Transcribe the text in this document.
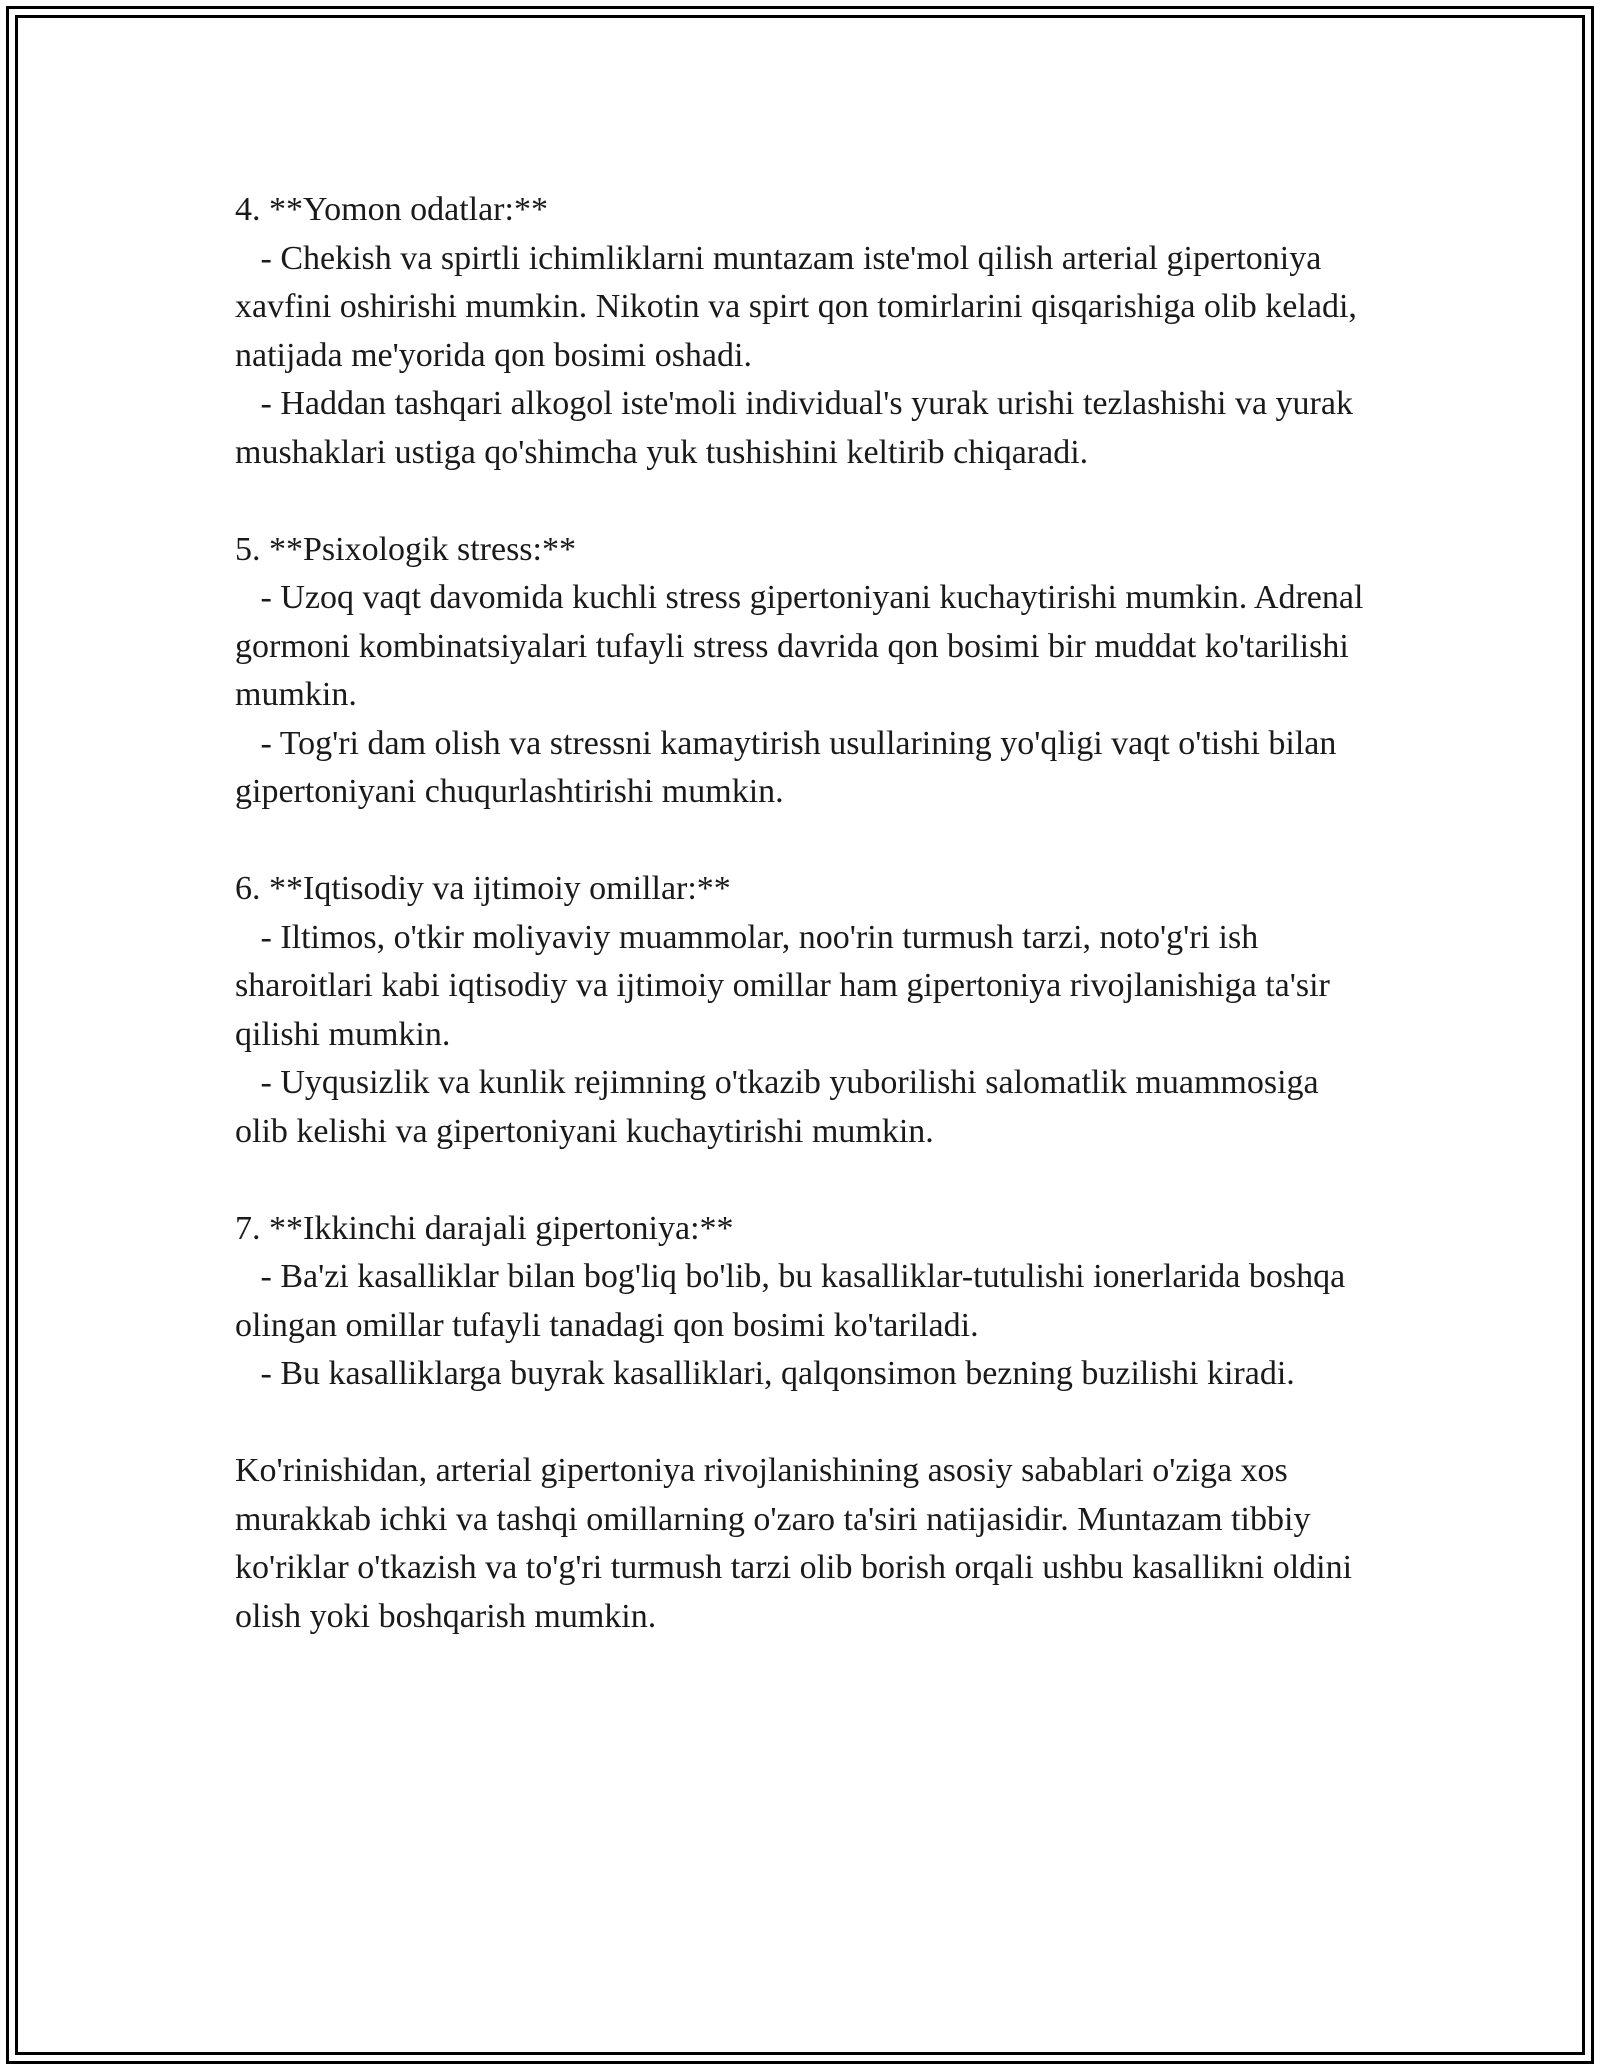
4. **Yomon odatlar:**
- Chekish va spirtli ichimliklarni muntazam iste'mol qilish arterial gipertoniya xavfini oshirishi mumkin. Nikotin va spirt qon tomirlarini qisqarishiga olib keladi, natijada me'yorida qon bosimi oshadi.
- Haddan tashqari alkogol iste'moli individual's yurak urishi tezlashishi va yurak mushaklari ustiga qo'shimcha yuk tushishini keltirib chiqaradi.
5. **Psixologik stress:**
- Uzoq vaqt davomida kuchli stress gipertoniyani kuchaytirishi mumkin. Adrenal gormoni kombinatsiyalari tufayli stress davrida qon bosimi bir muddat ko'tarilishi mumkin.
- Tog'ri dam olish va stressni kamaytirish usullarining yo'qligi vaqt o'tishi bilan gipertoniyani chuqurlashtirishi mumkin.
6. **Iqtisodiy va ijtimoiy omillar:**
- Iltimos, o'tkir moliyaviy muammolar, noo'rin turmush tarzi, noto'g'ri ish sharoitlari kabi iqtisodiy va ijtimoiy omillar ham gipertoniya rivojlanishiga ta'sir qilishi mumkin.
- Uyqusizlik va kunlik rejimning o'tkazib yuborilishi salomatlik muammosiga olib kelishi va gipertoniyani kuchaytirishi mumkin.
7. **Ikkinchi darajali gipertoniya:**
- Ba'zi kasalliklar bilan bog'liq bo'lib, bu kasalliklar-tutulishi ionerlarida boshqa olingan omillar tufayli tanadagi qon bosimi ko'tariladi.
- Bu kasalliklarga buyrak kasalliklari, qalqonsimon bezning buzilishi kiradi.

Ko'rinishidan, arterial gipertoniya rivojlanishining asosiy sabablari o'ziga xos murakkab ichki va tashqi omillarning o'zaro ta'siri natijasidir. Muntazam tibbiy ko'riklar o'tkazish va to'g'ri turmush tarzi olib borish orqali ushbu kasallikni oldini olish yoki boshqarish mumkin.
